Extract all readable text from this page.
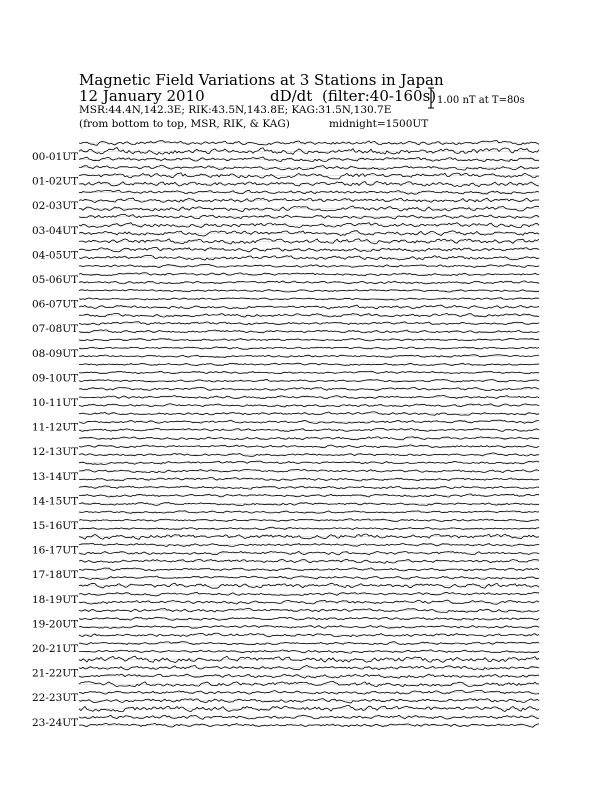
Magnetic Field Variations at 3 Stations in Japan
12 January 2010	dD/dt (filter:40-160s)
MSR:44.4N,142.3E; RIK:43.5N,143.8E; KAG:31.5N,130.7E
(from bottom to top, MSR, RIK, & KAG)	midnight=1500UT
1.00 nT at T=80s
00-01UT
01-02UT
02-03UT
03-04UT
04-05UT
05-06UT
06-07UT
07-08UT
08-09UT
09-10UT
10-11UT
11-12UT
12-13UT
13-14UT
14-15UT
15-16UT
16-17UT
17-18UT
18-19UT
19-20UT
20-21UT
21-22UT
22-23UT
23-24UT
